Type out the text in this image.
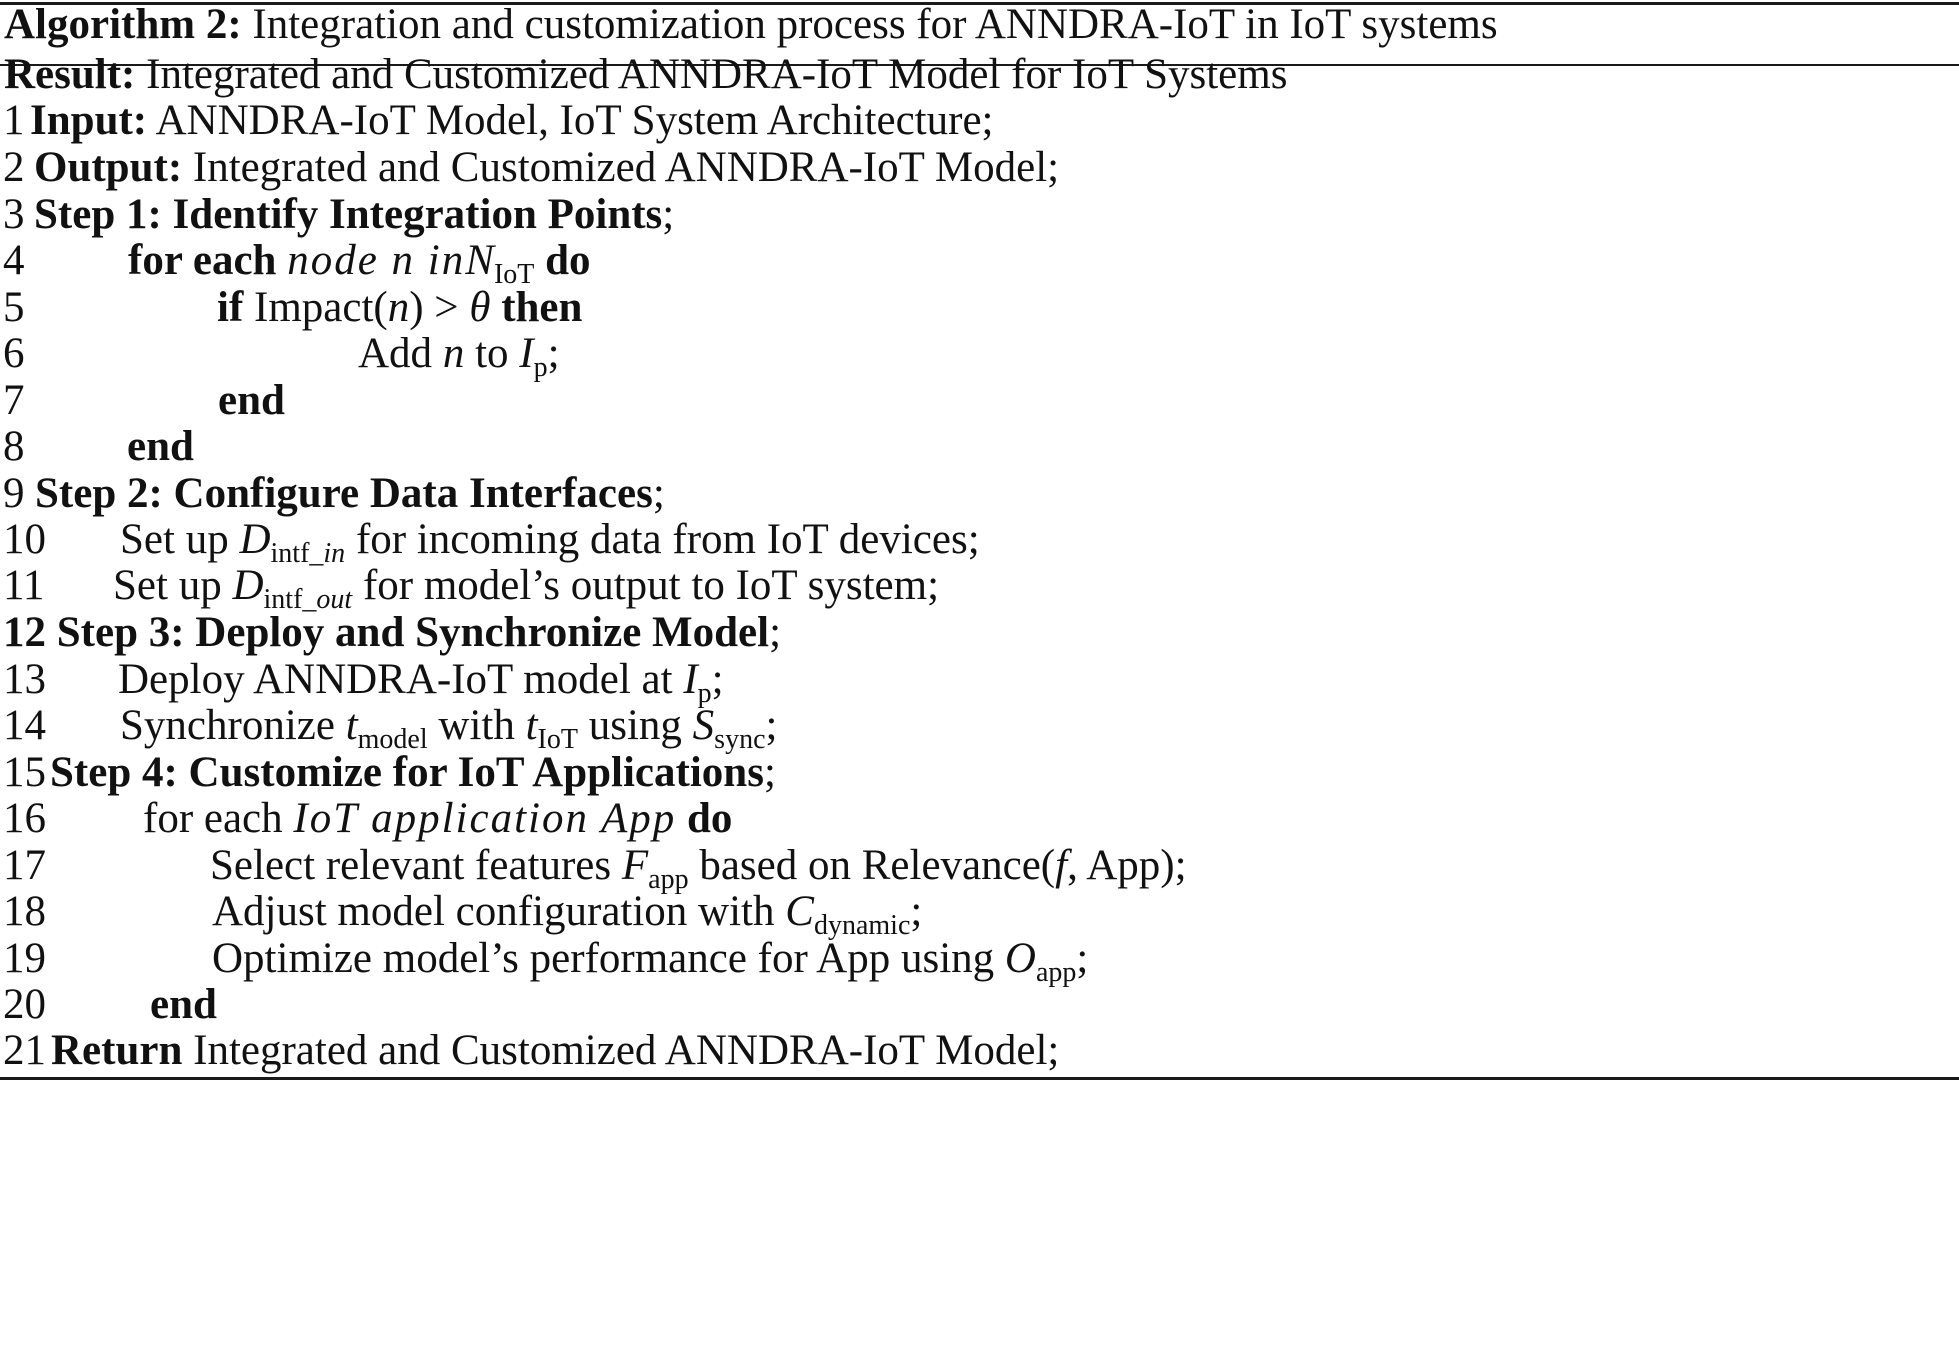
Algorithm 2: Integration and customization process for ANNDRA-IoT in IoT systems
Result: Integrated and Customized ANNDRA-IoT Model for IoT Systems
1 Input: ANNDRA-IoT Model, IoT System Architecture;
2 Output: Integrated and Customized ANNDRA-IoT Model;
3 Step 1: Identify Integration Points;
4 for each node n inN$_{IoT}$ do
5	if Impact(n) > θ then
6	Add n to $I_p$;
7	end
8 end
9 Step 2: Configure Data Interfaces;
10 Set up $D_{intf\_in}$ for incoming data from IoT devices;
11 Set up $D_{intf\_out}$ for model’s output to IoT system;
12 Step 3: Deploy and Synchronize Model;
13 Deploy ANNDRA-IoT model at $I_p$;
14 Synchronize $t_{model}$ with $t_{IoT}$ using $S_{sync}$;
15 Step 4: Customize for IoT Applications;
16 for each IoT application App do
17	Select relevant features $F_{app}$ based on Relevance(f, App);
18	Adjust model configuration with $C_{dynamic}$;
19	Optimize model’s performance for App using $O_{app}$;
20 end
21 Return Integrated and Customized ANNDRA-IoT Model;
